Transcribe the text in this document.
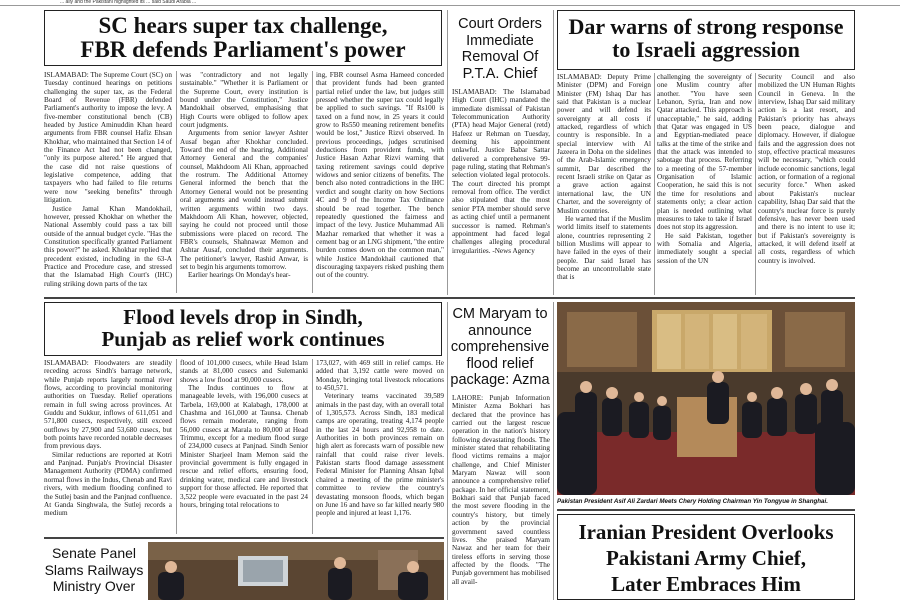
... ally and the Pakistani highlighted its ... said Saudi Arabia ...
SC hears super tax challenge,
FBR defends Parliament's power

ISLAMABAD: The Supreme Court (SC) on Tuesday continued hearings on petitions challenging the super tax, as the Federal Board of Revenue (FBR) defended Parliament's authority to impose the levy. A five-member constitutional bench (CB) headed by Justice Aminuddin Khan heard arguments from FBR counsel Hafiz Ehsan Khokhar, who maintained that Section 14 of the Finance Act had not been changed, "only its purpose altered." He argued that the case did not raise questions of legislative competence, adding that taxpayers who had failed to file returns were now "seeking benefits" through litigation.

Justice Jamal Khan Mandokhail, however, pressed Khokhar on whether the National Assembly could pass a tax bill outside of the annual budget cycle. "Has the Constitution specifically granted Parliament this power?" he asked. Khokhar replied that precedent existed, including in the 63-A Practice and Procedure case, and stressed that the Islamabad High Court's (IHC) ruling striking down parts of the tax

was "contradictory and not legally sustainable." "Whether it is Parliament or the Supreme Court, every institution is bound under the Constitution," Justice Mandokhail observed, emphasising that High Courts were obliged to follow apex court judgments.

Arguments from senior lawyer Ashter Ausaf began after Khokhar concluded. Toward the end of the hearing, Additional Attorney General and the companies' counsel, Makhdoom Ali Khan, approached the rostrum. The Additional Attorney General informed the bench that the Attorney General would not be presenting oral arguments and would instead submit written arguments within two days. Makhdoom Ali Khan, however, objected, saying he could not proceed until those submissions were placed on record. The FBR's counsels, Shahnawaz Memon and Ashtar Ausaf, concluded their arguments. The petitioner's lawyer, Rashid Anwar, is set to begin his arguments tomorrow.

Earlier hearings On Monday's hear-

ing, FBR counsel Asma Hameed conceded that provident funds had been granted partial relief under the law, but judges still pressed whether the super tax could legally be applied to such savings. "If Rs100 is taxed on a fund now, in 25 years it could grow to Rs550 meaning retirement benefits would be lost," Justice Rizvi observed. In previous proceedings, judges scrutinised deductions from provident funds, with Justice Hasan Azhar Rizvi warning that taxing retirement savings could deprive widows and senior citizens of benefits. The bench also noted contradictions in the IHC verdict and sought clarity on how Sections 4C and 9 of the Income Tax Ordinance should be read together. The bench repeatedly questioned the fairness and impact of the levy. Justice Muhammad Ali Mazhar remarked that whether it was a cement bag or an LNG shipment, "the entire burden comes down on the common man," while Justice Mandokhail cautioned that discouraging taxpayers risked pushing them out of the country.

Court Orders
Immediate
Removal Of
P.T.A. Chief

ISLAMABAD: The Islamabad High Court (IHC) mandated the immediate dismissal of Pakistan Telecommunication Authority (PTA) head Major General (retd) Hafeez ur Rehman on Tuesday, deeming his appointment unlawful. Justice Babar Sattar delivered a comprehensive 99-page ruling, stating that Rehman's selection violated legal protocols. The court directed his prompt removal from office. The verdict also stipulated that the most senior PTA member should serve as acting chief until a permanent successor is named. Rehman's appointment had faced legal challenges alleging procedural irregularities. -News Agency

Dar warns of strong response
to Israeli aggression

ISLAMABAD: Deputy Prime Minister (DPM) and Foreign Minister (FM) Ishaq Dar has said that Pakistan is a nuclear power and will defend its sovereignty at all costs if attacked, regardless of which country is responsible. In a special interview with Al Jazeera in Doha on the sidelines of the Arab-Islamic emergency summit, Dar described the recent Israeli strike on Qatar as a grave action against international law, the UN Charter, and the sovereignty of Muslim countries.

He warned that if the Muslim world limits itself to statements alone, countries representing 2 billion Muslims will appear to have failed in the eyes of their people. Dar said Israel has become an uncontrollable state that is

challenging the sovereignty of one Muslim country after another. "You have seen Lebanon, Syria, Iran and now Qatar attacked. This approach is unacceptable," he said, adding that Qatar was engaged in US and Egyptian-mediated peace talks at the time of the strike and that the attack was intended to sabotage that process. Referring to a meeting of the 57-member Organisation of Islamic Cooperation, he said this is not the time for resolutions and statements only; a clear action plan is needed outlining what measures to take to take if Israel does not stop its aggression.

He said Pakistan, together with Somalia and Algeria, immediately sought a special session of the UN

Security Council and also mobilized the UN Human Rights Council in Geneva. In the interview, Ishaq Dar said military action is a last resort, and Pakistan's priority has always been peace, dialogue and diplomacy. However, if dialogue fails and the aggression does not stop, effective practical measures will be necessary, "which could include economic sanctions, legal action, or formation of a regional security force." When asked about Pakistan's nuclear capability, Ishaq Dar said that the country's nuclear force is purely defensive, has never been used and there is no intent to use it; but if Pakistan's sovereignty is attacked, it will defend itself at all costs, regardless of which country is involved.

Flood levels drop in Sindh,
Punjab as relief work continues

ISLAMABAD: Floodwaters are steadily receding across Sindh's barrage network, while Punjab reports largely normal river flows, according to provincial monitoring authorities on Tuesday. Relief operations remain in full swing across provinces. At Guddu and Sukkur, inflows of 611,051 and 571,800 cusecs, respectively, still exceed outflows by 27,900 and 53,680 cusecs, but both points have recorded notable decreases from previous days.

Similar reductions are reported at Kotri and Panjnad. Punjab's Provincial Disaster Management Authority (PDMA) confirmed normal flows in the Indus, Chenab and Ravi rivers, with medium flooding confined to the Sutlej basin and the Panjnad confluence. At Ganda Singhwala, the Sutlej records a medium

flood of 101,000 cusecs, while Head Islam stands at 81,000 cusecs and Sulemanki shows a low flood at 90,000 cusecs.

The Indus continues to flow at manageable levels, with 196,000 cusecs at Tarbela, 169,000 at Kalabagh, 178,000 at Chashma and 161,000 at Taunsa. Chenab flows remain moderate, ranging from 56,000 cusecs at Marala to 80,000 at Head Trimmu, except for a medium flood surge of 234,000 cusecs at Panjnad. Sindh Senior Minister Sharjeel Inam Memon said the provincial government is fully engaged in rescue and relief efforts, ensuring food, drinking water, medical care and livestock support for those affected. He reported that 3,522 people were evacuated in the past 24 hours, bringing total relocations to

173,027, with 469 still in relief camps. He added that 3,192 cattle were moved on Monday, bringing total livestock relocations to 450,571.

Veterinary teams vaccinated 39,589 animals in the past day, with an overall total of 1,305,573. Across Sindh, 183 medical camps are operating, treating 4,174 people in the last 24 hours and 92,958 to date. Authorities in both provinces remain on high alert as forecasts warn of possible new rainfall that could raise river levels. Pakistan starts flood damage assessment Federal Minister for Planning Ahsan Iqbal chaired a meeting of the prime minister's committee to review the country's devastating monsoon floods, which began on June 16 and have so far killed nearly 980 people and injured at least 1,176.

CM Maryam to
announce
comprehensive
flood relief
package: Azma

LAHORE: Punjab Information Minister Azma Bokhari has declared that the province has carried out the largest rescue operation in the nation's history following devastating floods. The minister stated that rehabilitating flood victims remains a major challenge, and Chief Minister Maryam Nawaz will soon announce a comprehensive relief package. In her official statement, Bokhari said that Punjab faced the most severe flooding in the country's history, but timely action by the provincial government saved countless lives. She praised Maryam Nawaz and her team for their tireless efforts in serving those affected by the floods. "The Punjab government has mobilised all avail-

Pakistan President Asif Ali Zardari Meets Chery Holding Chairman Yin Tongyue in Shanghai.
Iranian President Overlooks
Pakistani Army Chief,
Later Embraces Him
Senate Panel
Slams Railways
Ministry Over
